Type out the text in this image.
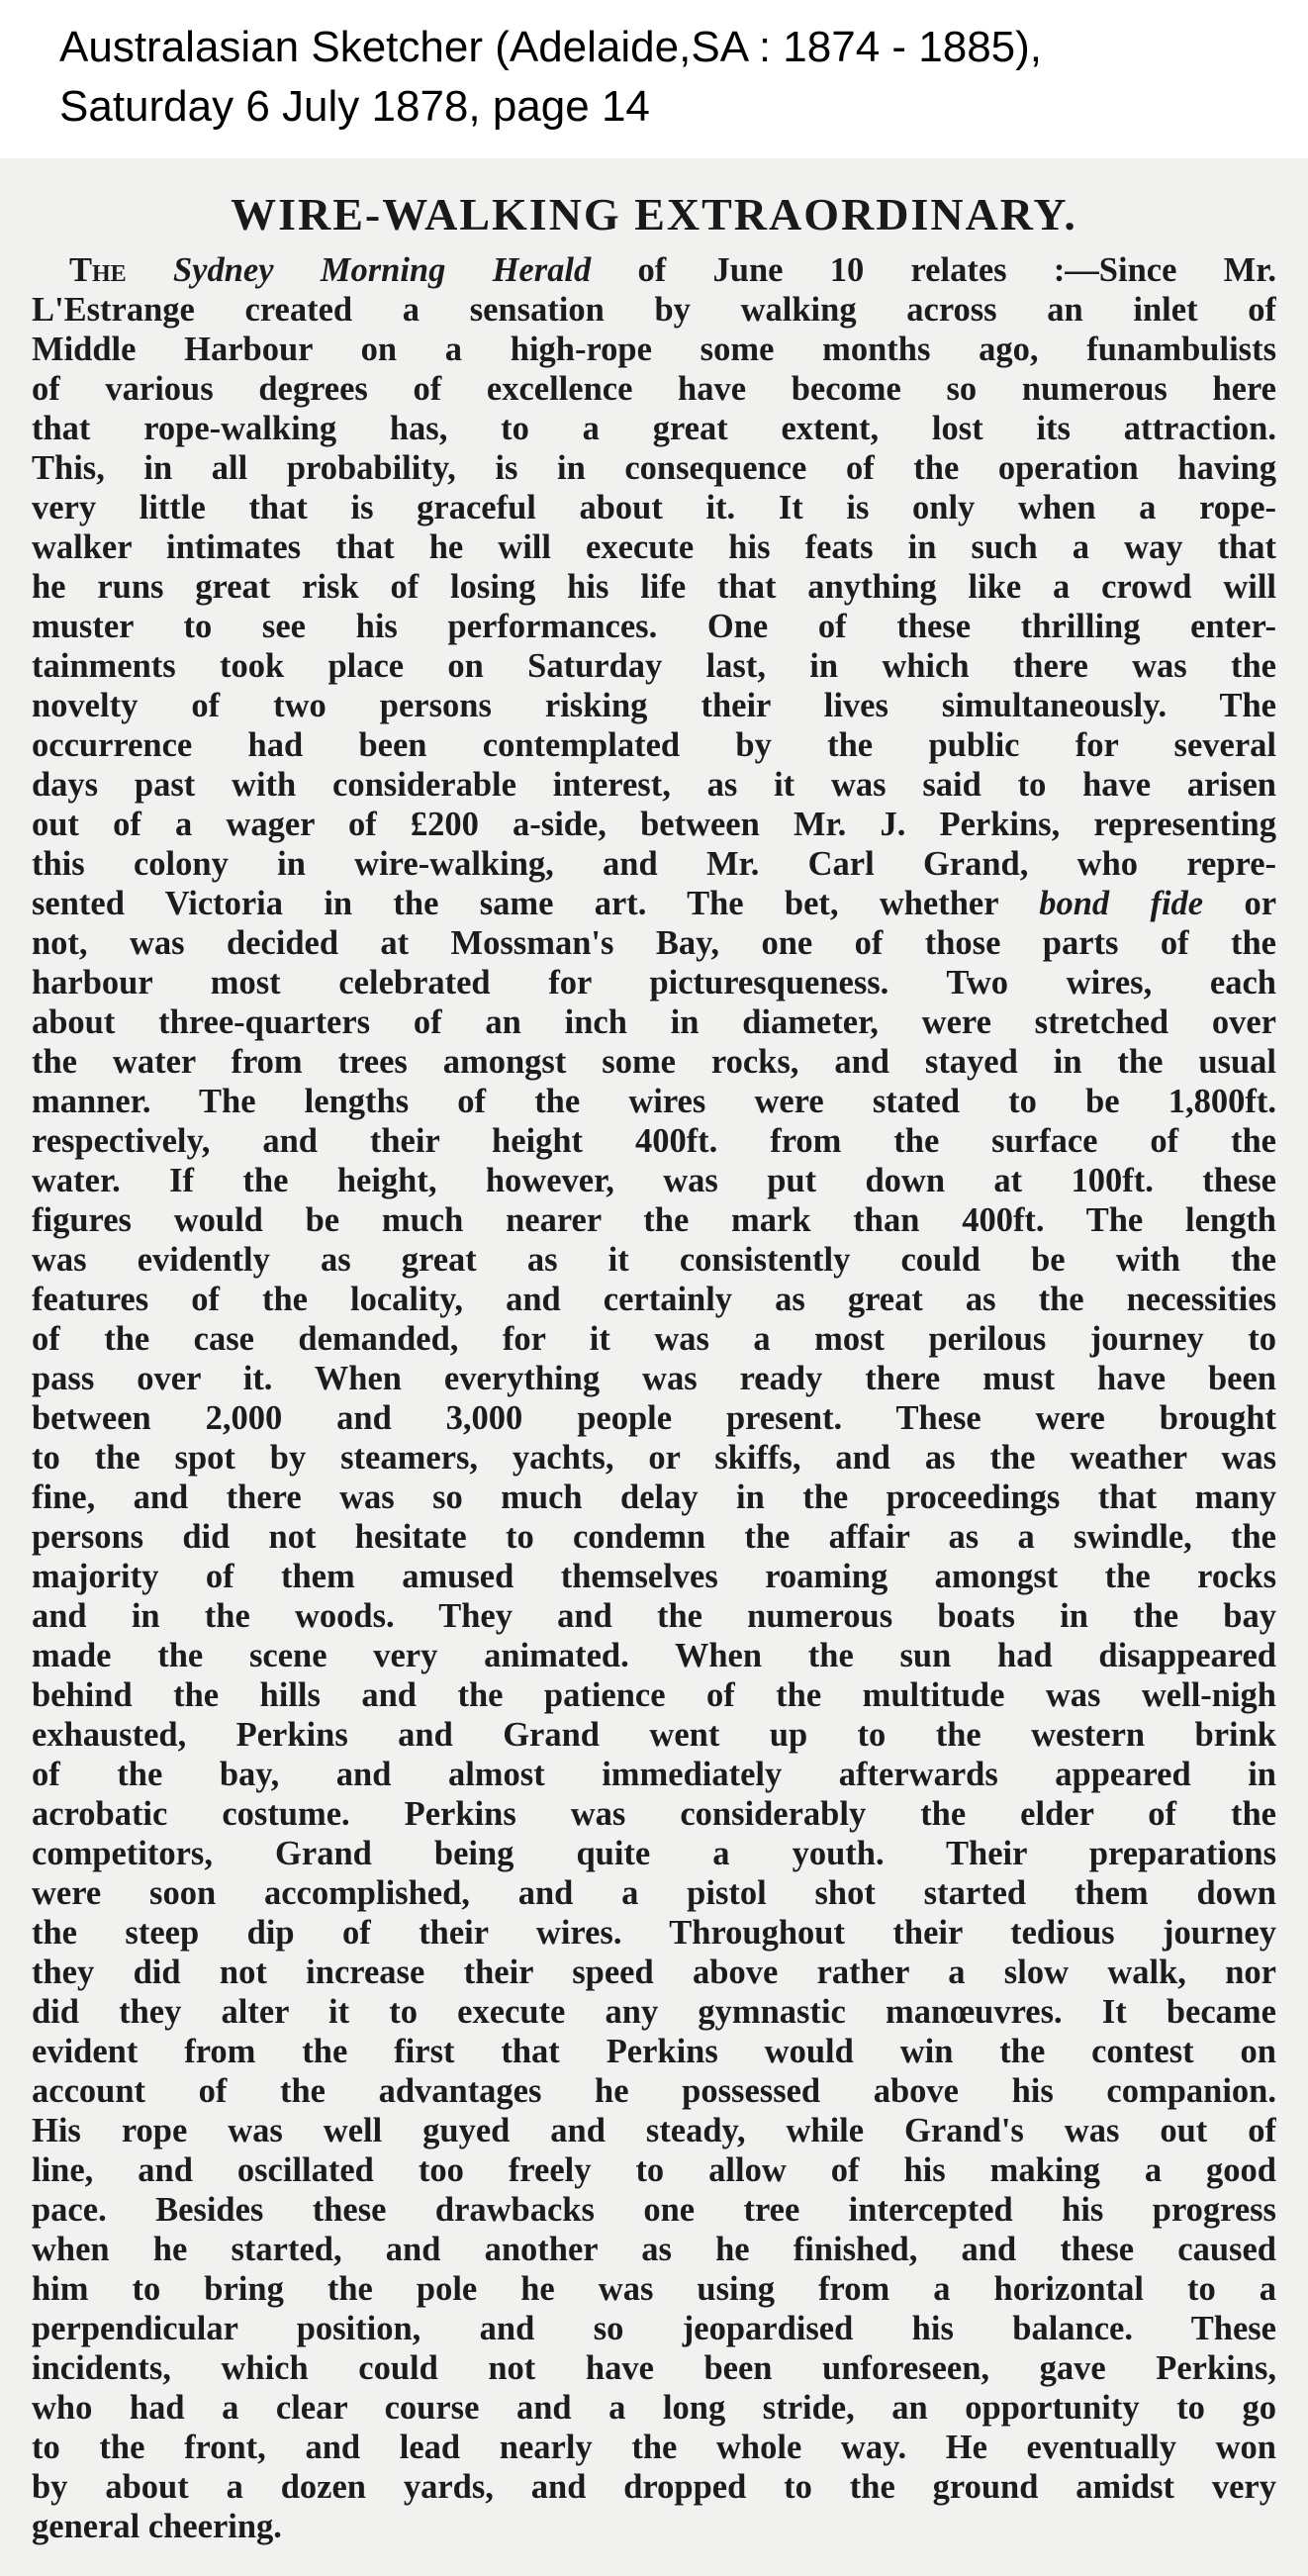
Australasian Sketcher (Adelaide,SA : 1874 - 1885),
Saturday 6 July 1878, page 14
WIRE-WALKING EXTRAORDINARY.
The Sydney Morning Herald of June 10 relates :—Since Mr.
L'Estrange created a sensation by walking across an inlet of
Middle Harbour on a high-rope some months ago, funambulists
of various degrees of excellence have become so numerous here
that rope-walking has, to a great extent, lost its attraction.
This, in all probability, is in consequence of the operation having
very little that is graceful about it. It is only when a rope-
walker intimates that he will execute his feats in such a way that
he runs great risk of losing his life that anything like a crowd will
muster to see his performances. One of these thrilling enter-
tainments took place on Saturday last, in which there was the
novelty of two persons risking their lives simultaneously. The
occurrence had been contemplated by the public for several
days past with considerable interest, as it was said to have arisen
out of a wager of £200 a-side, between Mr. J. Perkins, representing
this colony in wire-walking, and Mr. Carl Grand, who repre-
sented Victoria in the same art. The bet, whether bond fide or
not, was decided at Mossman's Bay, one of those parts of the
harbour most celebrated for picturesqueness. Two wires, each
about three-quarters of an inch in diameter, were stretched over
the water from trees amongst some rocks, and stayed in the usual
manner. The lengths of the wires were stated to be 1,800ft.
respectively, and their height 400ft. from the surface of the
water. If the height, however, was put down at 100ft. these
figures would be much nearer the mark than 400ft. The length
was evidently as great as it consistently could be with the
features of the locality, and certainly as great as the necessities
of the case demanded, for it was a most perilous journey to
pass over it. When everything was ready there must have been
between 2,000 and 3,000 people present. These were brought
to the spot by steamers, yachts, or skiffs, and as the weather was
fine, and there was so much delay in the proceedings that many
persons did not hesitate to condemn the affair as a swindle, the
majority of them amused themselves roaming amongst the rocks
and in the woods. They and the numerous boats in the bay
made the scene very animated. When the sun had disappeared
behind the hills and the patience of the multitude was well-nigh
exhausted, Perkins and Grand went up to the western brink
of the bay, and almost immediately afterwards appeared in
acrobatic costume. Perkins was considerably the elder of the
competitors, Grand being quite a youth. Their preparations
were soon accomplished, and a pistol shot started them down
the steep dip of their wires. Throughout their tedious journey
they did not increase their speed above rather a slow walk, nor
did they alter it to execute any gymnastic manœuvres. It became
evident from the first that Perkins would win the contest on
account of the advantages he possessed above his companion.
His rope was well guyed and steady, while Grand's was out of
line, and oscillated too freely to allow of his making a good
pace. Besides these drawbacks one tree intercepted his progress
when he started, and another as he finished, and these caused
him to bring the pole he was using from a horizontal to a
perpendicular position, and so jeopardised his balance. These
incidents, which could not have been unforeseen, gave Perkins,
who had a clear course and a long stride, an opportunity to go
to the front, and lead nearly the whole way. He eventually won
by about a dozen yards, and dropped to the ground amidst very
general cheering.
